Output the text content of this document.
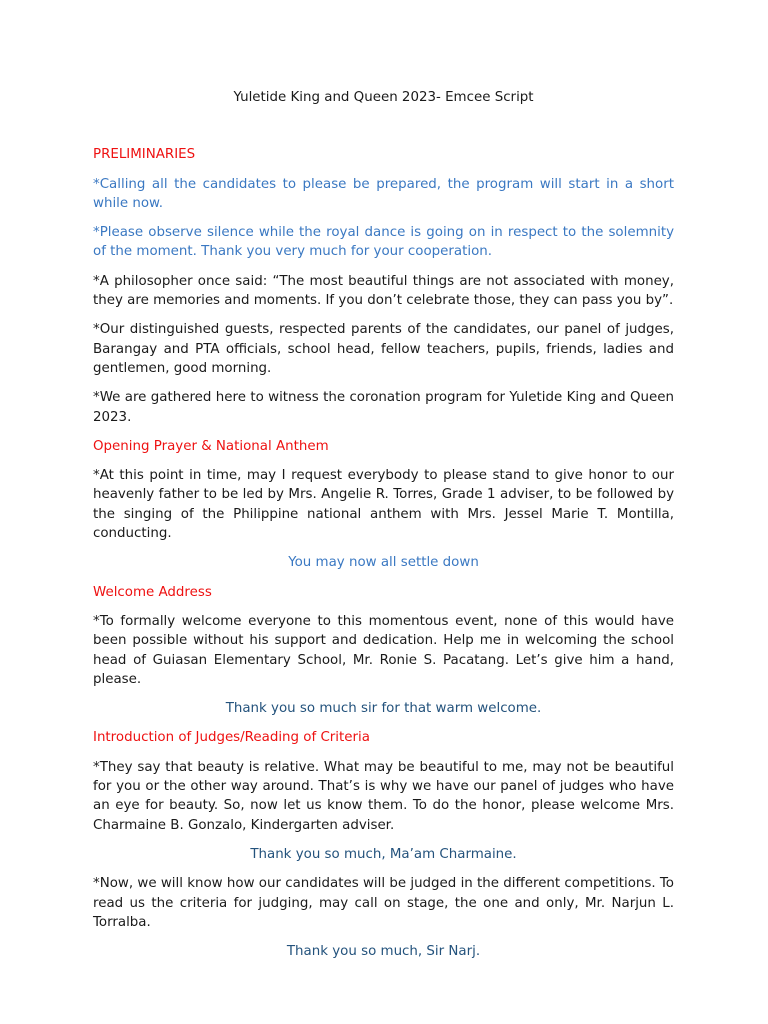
Yuletide King and Queen 2023- Emcee Script

PRELIMINARIES

*Calling all the candidates to please be prepared, the program will start in a short while now.

*Please observe silence while the royal dance is going on in respect to the solemnity of the moment. Thank you very much for your cooperation.

*A philosopher once said: “The most beautiful things are not associated with money, they are memories and moments. If you don’t celebrate those, they can pass you by”.

*Our distinguished guests, respected parents of the candidates, our panel of judges, Barangay and PTA officials, school head, fellow teachers, pupils, friends, ladies and gentlemen, good morning.

*We are gathered here to witness the coronation program for Yuletide King and Queen 2023.

Opening Prayer & National Anthem

*At this point in time, may I request everybody to please stand to give honor to our heavenly father to be led by Mrs. Angelie R. Torres, Grade 1 adviser, to be followed by the singing of the Philippine national anthem with Mrs. Jessel Marie T. Montilla, conducting.

You may now all settle down

Welcome Address

*To formally welcome everyone to this momentous event, none of this would have been possible without his support and dedication. Help me in welcoming the school head of Guiasan Elementary School, Mr. Ronie S. Pacatang. Let’s give him a hand, please.

Thank you so much sir for that warm welcome.

Introduction of Judges/Reading of Criteria

*They say that beauty is relative. What may be beautiful to me, may not be beautiful for you or the other way around. That’s is why we have our panel of judges who have an eye for beauty. So, now let us know them. To do the honor, please welcome Mrs. Charmaine B. Gonzalo, Kindergarten adviser.

Thank you so much, Ma’am Charmaine.

*Now, we will know how our candidates will be judged in the different competitions. To read us the criteria for judging, may call on stage, the one and only, Mr. Narjun L. Torralba.

Thank you so much, Sir Narj.
